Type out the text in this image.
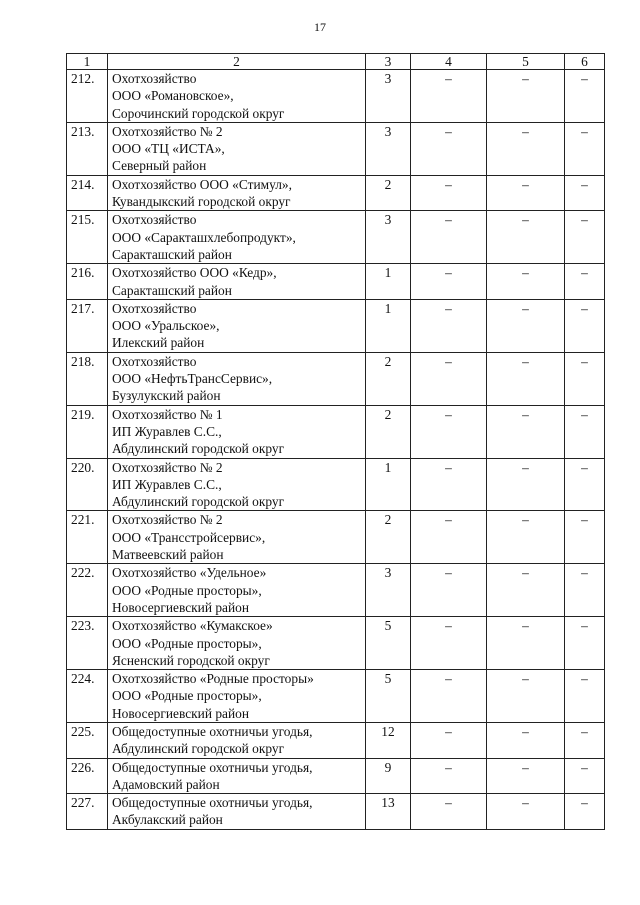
17
1	2	3	4	5	6
212.	Охотхозяйство
ООО «Романовское»,
Сорочинский городской округ	3	–	–	–
213.	Охотхозяйство № 2
ООО «ТЦ «ИСТА»,
Северный район	3	–	–	–
214.	Охотхозяйство ООО «Стимул»,
Кувандыкский городской округ	2	–	–	–
215.	Охотхозяйство
ООО «Саракташхлебопродукт»,
Саракташский район	3	–	–	–
216.	Охотхозяйство ООО «Кедр»,
Саракташский район	1	–	–	–
217.	Охотхозяйство
ООО «Уральское»,
Илекский район	1	–	–	–
218.	Охотхозяйство
ООО «НефтьТрансСервис»,
Бузулукский район	2	–	–	–
219.	Охотхозяйство № 1
ИП Журавлев С.С.,
Абдулинский городской округ	2	–	–	–
220.	Охотхозяйство № 2
ИП Журавлев С.С.,
Абдулинский городской округ	1	–	–	–
221.	Охотхозяйство № 2
ООО «Трансстройсервис»,
Матвеевский район	2	–	–	–
222.	Охотхозяйство «Удельное»
ООО «Родные просторы»,
Новосергиевский район	3	–	–	–
223.	Охотхозяйство «Кумакское»
ООО «Родные просторы»,
Ясненский городской округ	5	–	–	–
224.	Охотхозяйство «Родные просторы»
ООО «Родные просторы»,
Новосергиевский район	5	–	–	–
225.	Общедоступные охотничьи угодья,
Абдулинский городской округ	12	–	–	–
226.	Общедоступные охотничьи угодья,
Адамовский район	9	–	–	–
227.	Общедоступные охотничьи угодья,
Акбулакский район	13	–	–	–
